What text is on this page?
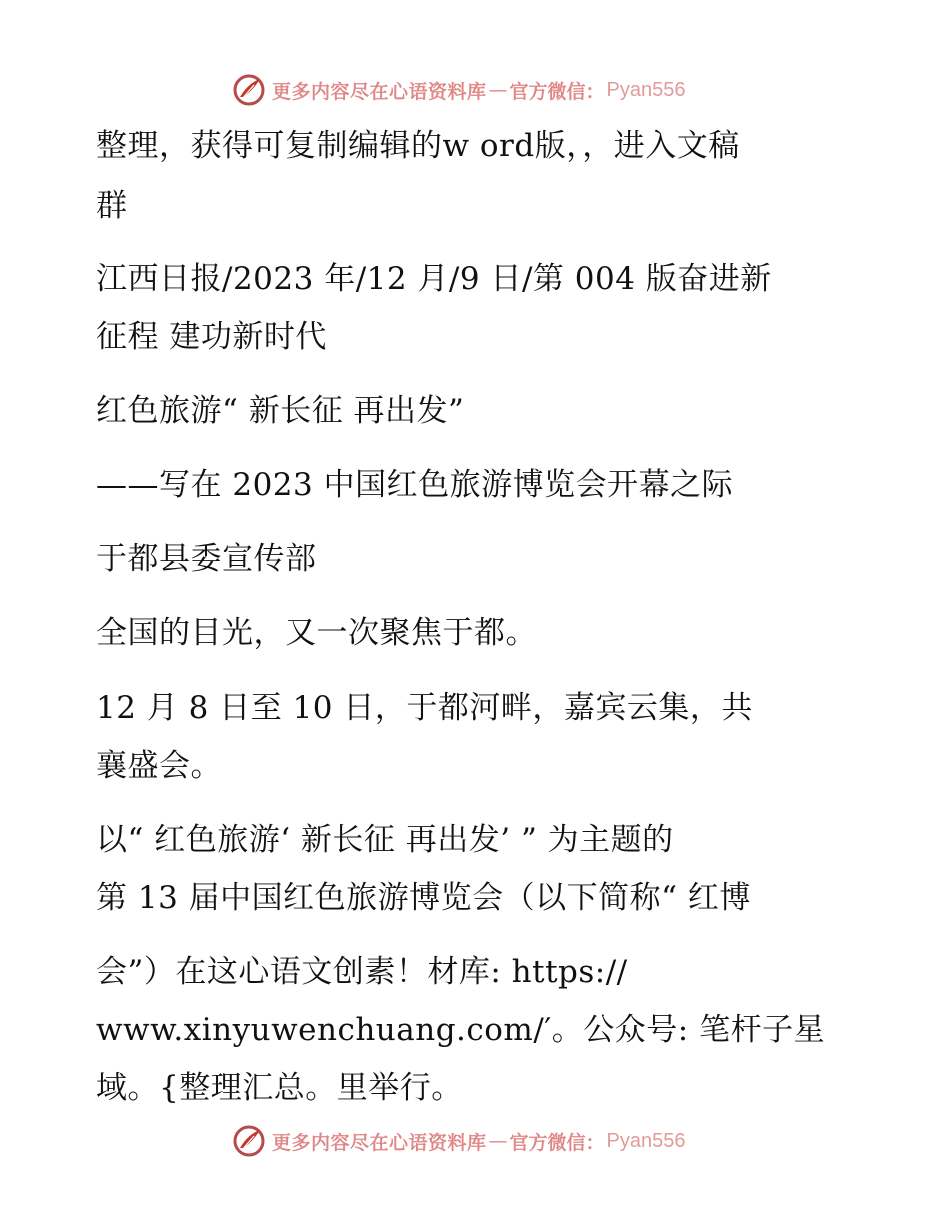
更多内容尽在心语资料库 — 官方微信： Pyan556
整理，获得可复制编辑的w ord版，，进入文稿
群
江西日报/2023 年/12 月/9 日/第 004 版奋进新
征程 建功新时代
红色旅游“ 新长征 再出发”
——写在 2023 中国红色旅游博览会开幕之际
于都县委宣传部
全国的目光，又一次聚焦于都。
12 月 8 日至 10 日，于都河畔，嘉宾云集，共
襄盛会。
以“ 红色旅游‘ 新长征 再出发’ ” 为主题的
第 13 届中国红色旅游博览会（以下简称“ 红博
会”）在这心语文创素！材库: https://
www.xinyuwenchuang.com/′。公众号: 笔杆子星
域。{整理汇总。里举行。
更多内容尽在心语资料库 — 官方微信： Pyan556
